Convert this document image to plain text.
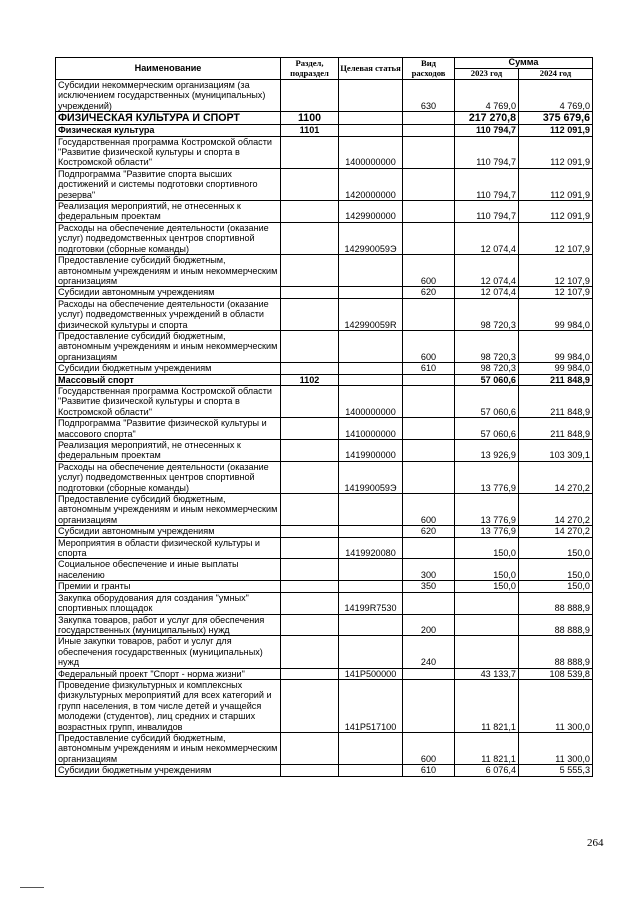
Наименование	Раздел, подраздел	Целевая статья	Вид расходов	Сумма	
				2023 год	2024 год
Субсидии некоммерческим организациям (за исключением государственных (муниципальных) учреждений)			630	4 769,0	4 769,0
ФИЗИЧЕСКАЯ КУЛЬТУРА И СПОРТ	1100			217 270,8	375 679,6
Физическая культура	1101			110 794,7	112 091,9
Государственная программа Костромской области "Развитие физической культуры и спорта в Костромской области"		1400000000		110 794,7	112 091,9
Подпрограмма "Развитие спорта высших достижений и системы подготовки спортивного резерва"		1420000000		110 794,7	112 091,9
Реализация мероприятий, не отнесенных к федеральным проектам		1429900000		110 794,7	112 091,9
Расходы на обеспечение деятельности (оказание услуг) подведомственных центров спортивной подготовки (сборные команды)		142990059Э		12 074,4	12 107,9
Предоставление субсидий бюджетным, автономным учреждениям и иным некоммерческим организациям			600	12 074,4	12 107,9
Субсидии автономным учреждениям			620	12 074,4	12 107,9
Расходы на обеспечение деятельности (оказание услуг) подведомственных учреждений в области физической культуры и спорта		142990059R		98 720,3	99 984,0
Предоставление субсидий бюджетным, автономным учреждениям и иным некоммерческим организациям			600	98 720,3	99 984,0
Субсидии бюджетным учреждениям			610	98 720,3	99 984,0
Массовый спорт	1102			57 060,6	211 848,9
Государственная программа Костромской области "Развитие физической культуры и спорта в Костромской области"		1400000000		57 060,6	211 848,9
Подпрограмма "Развитие физической культуры и массового спорта"		1410000000		57 060,6	211 848,9
Реализация мероприятий, не отнесенных к федеральным проектам		1419900000		13 926,9	103 309,1
Расходы на обеспечение деятельности (оказание услуг) подведомственных центров спортивной подготовки (сборные команды)		141990059Э		13 776,9	14 270,2
Предоставление субсидий бюджетным, автономным учреждениям и иным некоммерческим организациям			600	13 776,9	14 270,2
Субсидии автономным учреждениям			620	13 776,9	14 270,2
Мероприятия в области физической культуры и спорта		1419920080		150,0	150,0
Социальное обеспечение и иные выплаты населению			300	150,0	150,0
Премии и гранты			350	150,0	150,0
Закупка оборудования для создания "умных" спортивных площадок		14199R7530			88 888,9
Закупка товаров, работ и услуг для обеспечения государственных (муниципальных) нужд			200		88 888,9
Иные закупки товаров, работ и услуг для обеспечения государственных (муниципальных) нужд			240		88 888,9
Федеральный проект "Спорт - норма жизни"		141Р500000		43 133,7	108 539,8
Проведение физкультурных и комплексных физкультурных мероприятий для всех категорий и групп населения, в том числе детей и учащейся молодежи (студентов), лиц средних и старших возрастных групп, инвалидов		141Р517100		11 821,1	11 300,0
Предоставление субсидий бюджетным, автономным учреждениям и иным некоммерческим организациям			600	11 821,1	11 300,0
Субсидии бюджетным учреждениям			610	6 076,4	5 555,3
264
